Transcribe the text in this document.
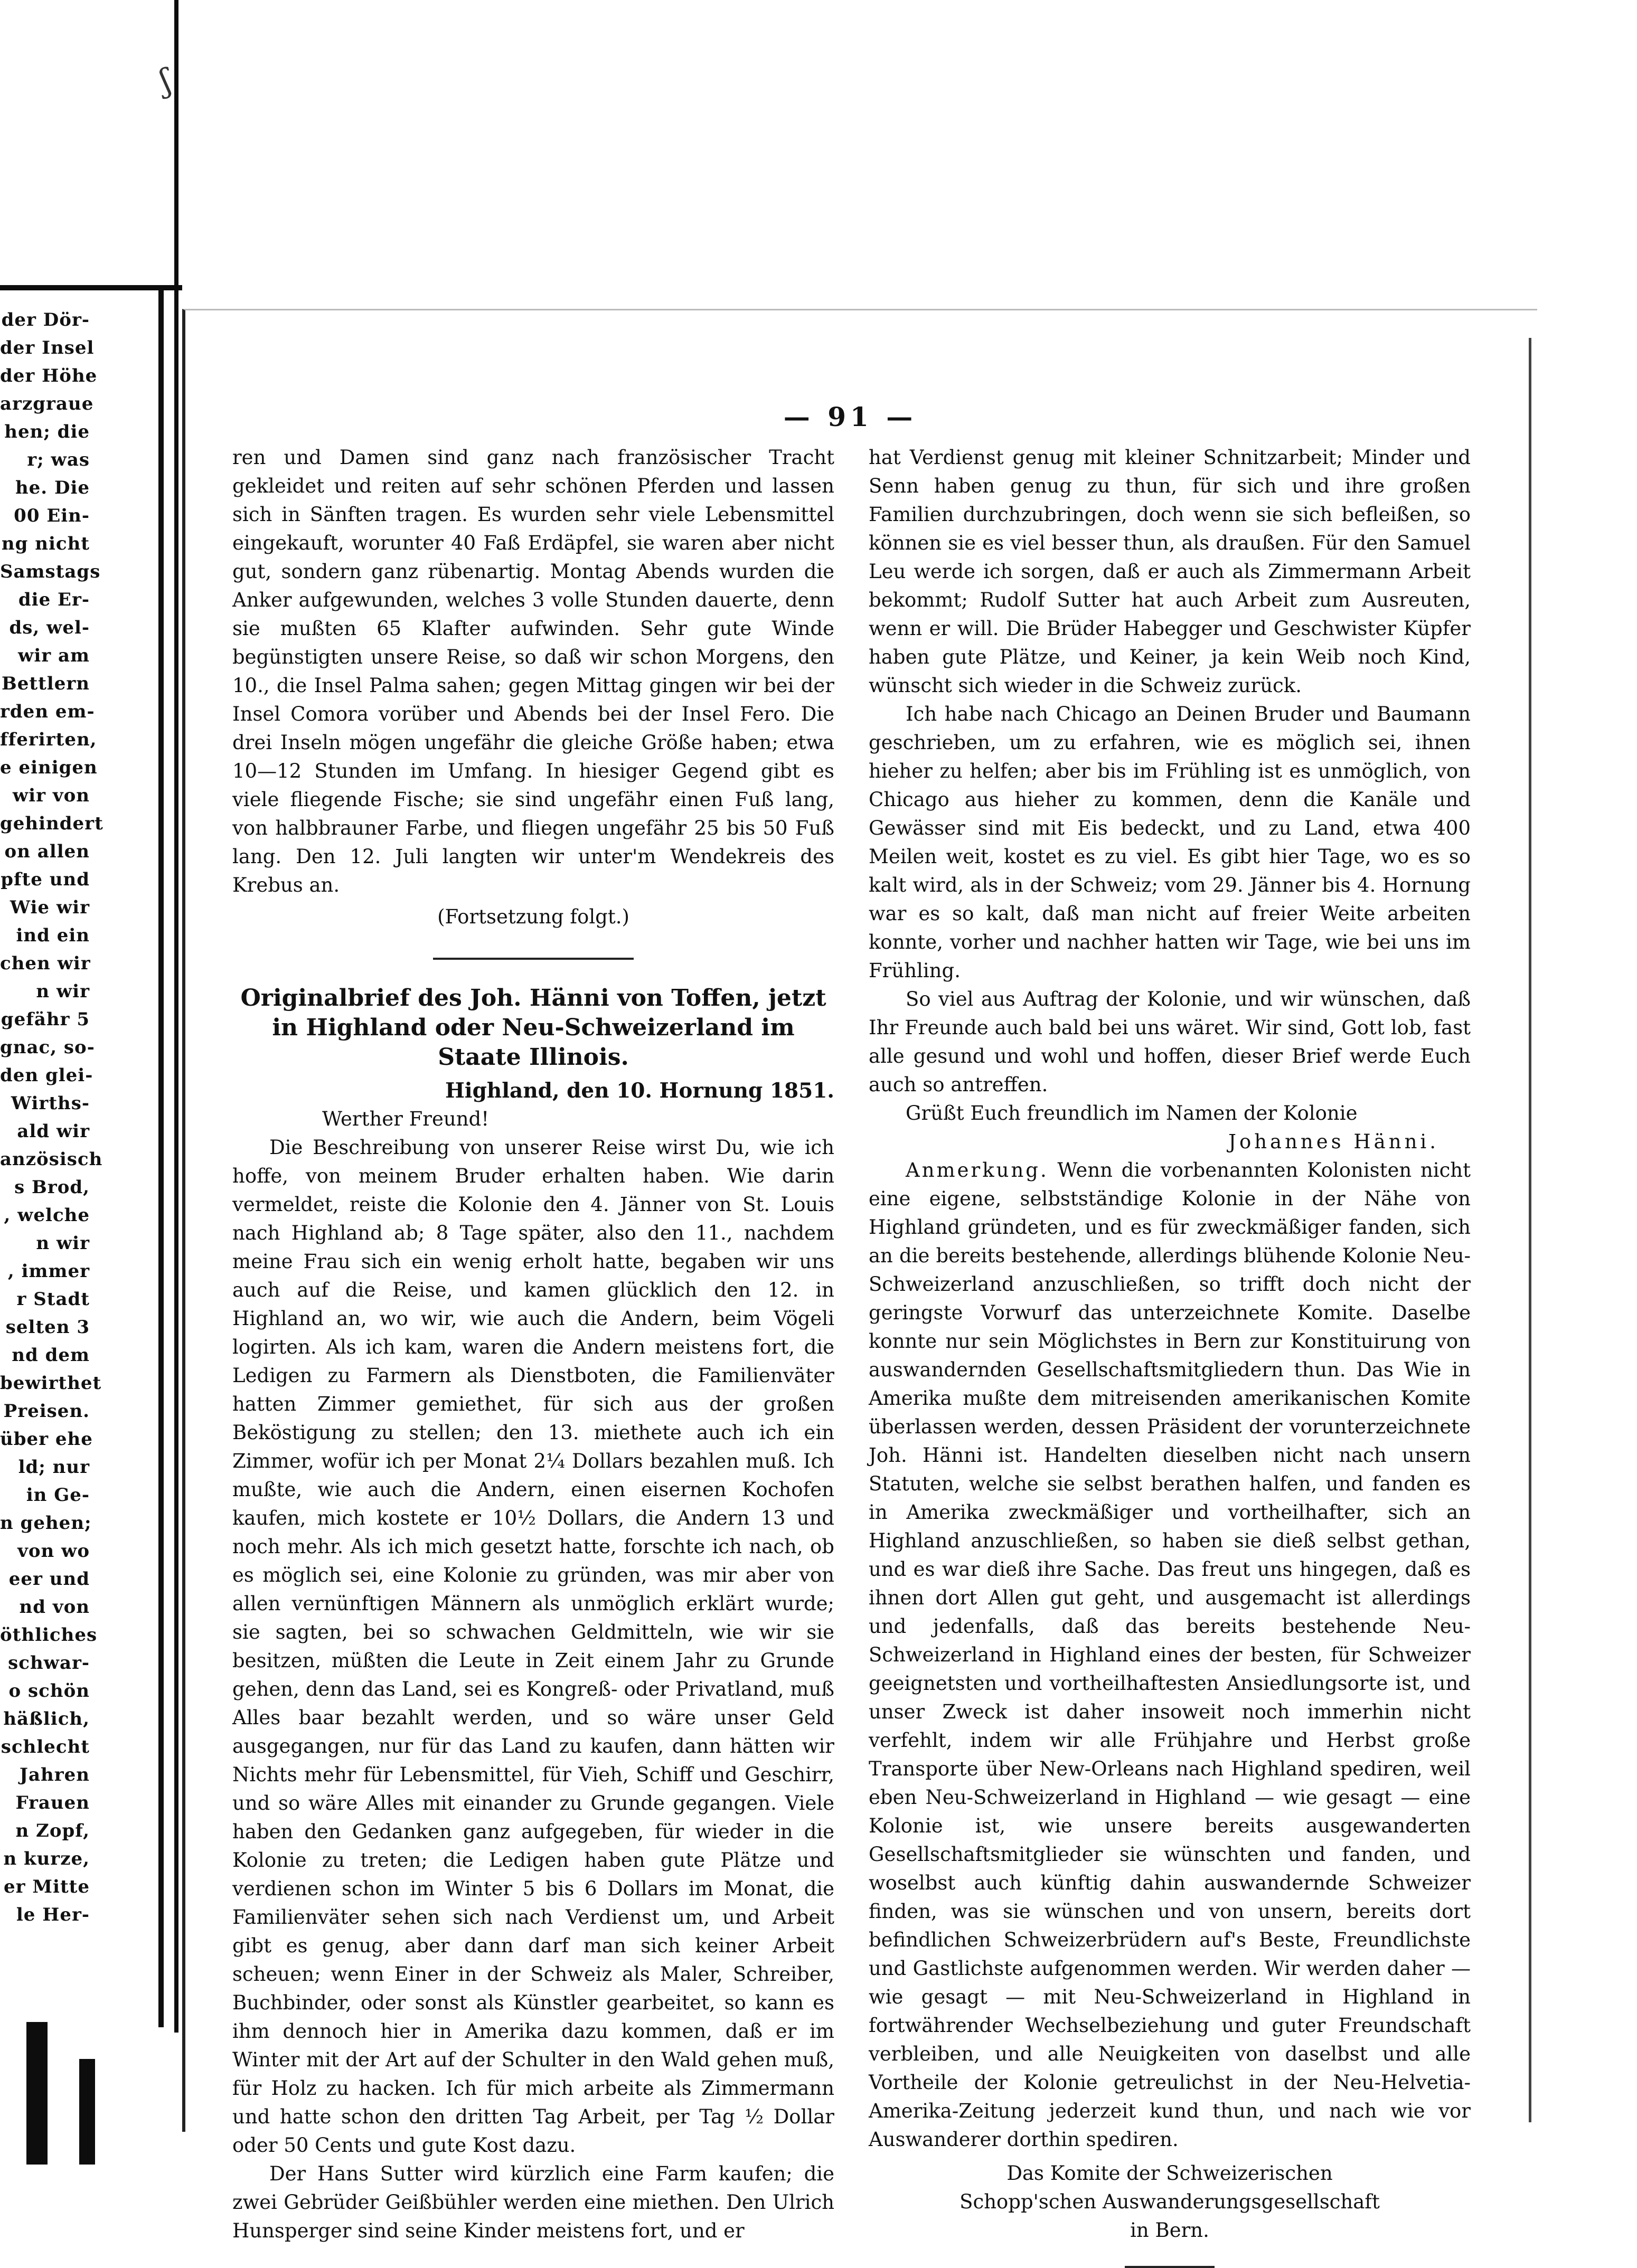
ʃ

der Dör-

der Insel

der Höhe

arzgraue

hen; die

r; was

he. Die

00 Ein-

ng nicht

Samstags

die Er-

ds, wel-

wir am

Bettlern

rden em-

fferirten,

e einigen

wir von

gehindert

on allen

pfte und

Wie wir

ind ein

chen wir

n wir

gefähr 5

gnac, so-

den glei-

Wirths-

ald wir

anzösisch

s Brod,

, welche

n wir

, immer

r Stadt

selten 3

nd dem

bewirthet

Preisen.

über ehe

ld; nur

in Ge-

n gehen;

von wo

eer und

nd von

öthliches

schwar-

o schön

häßlich,

schlecht

Jahren

Frauen

n Zopf,

n kurze,

er Mitte

le Her-

— 91 —

ren und Damen sind ganz nach französischer Tracht gekleidet und reiten auf sehr schönen Pferden und lassen sich in Sänften tragen. Es wurden sehr viele Lebensmittel eingekauft, worunter 40 Faß Erdäpfel, sie waren aber nicht gut, sondern ganz rübenartig. Montag Abends wurden die Anker aufgewunden, welches 3 volle Stunden dauerte, denn sie mußten 65 Klafter aufwinden. Sehr gute Winde begünstigten unsere Reise, so daß wir schon Morgens, den 10., die Insel Palma sahen; gegen Mittag gingen wir bei der Insel Comora vorüber und Abends bei der Insel Fero. Die drei Inseln mögen ungefähr die gleiche Größe haben; etwa 10—12 Stunden im Umfang. In hiesiger Gegend gibt es viele fliegende Fische; sie sind ungefähr einen Fuß lang, von halbbrauner Farbe, und fliegen ungefähr 25 bis 50 Fuß lang. Den 12. Juli langten wir unter'm Wendekreis des Krebus an.

(Fortsetzung folgt.)

Originalbrief des Joh. Hänni von Toffen, jetzt in Highland oder Neu-Schweizerland im Staate Illinois.

Highland, den 10. Hornung 1851.

Werther Freund!

Die Beschreibung von unserer Reise wirst Du, wie ich hoffe, von meinem Bruder erhalten haben. Wie darin vermeldet, reiste die Kolonie den 4. Jänner von St. Louis nach Highland ab; 8 Tage später, also den 11., nachdem meine Frau sich ein wenig erholt hatte, begaben wir uns auch auf die Reise, und kamen glücklich den 12. in Highland an, wo wir, wie auch die Andern, beim Vögeli logirten. Als ich kam, waren die Andern meistens fort, die Ledigen zu Farmern als Dienstboten, die Familienväter hatten Zimmer gemiethet, für sich aus der großen Beköstigung zu stellen; den 13. miethete auch ich ein Zimmer, wofür ich per Monat 2¼ Dollars bezahlen muß. Ich mußte, wie auch die Andern, einen eisernen Kochofen kaufen, mich kostete er 10½ Dollars, die Andern 13 und noch mehr. Als ich mich gesetzt hatte, forschte ich nach, ob es möglich sei, eine Kolonie zu gründen, was mir aber von allen vernünftigen Männern als unmöglich erklärt wurde; sie sagten, bei so schwachen Geldmitteln, wie wir sie besitzen, müßten die Leute in Zeit einem Jahr zu Grunde gehen, denn das Land, sei es Kongreß- oder Privatland, muß Alles baar bezahlt werden, und so wäre unser Geld ausgegangen, nur für das Land zu kaufen, dann hätten wir Nichts mehr für Lebensmittel, für Vieh, Schiff und Geschirr, und so wäre Alles mit einander zu Grunde gegangen. Viele haben den Gedanken ganz aufgegeben, für wieder in die Kolonie zu treten; die Ledigen haben gute Plätze und verdienen schon im Winter 5 bis 6 Dollars im Monat, die Familienväter sehen sich nach Verdienst um, und Arbeit gibt es genug, aber dann darf man sich keiner Arbeit scheuen; wenn Einer in der Schweiz als Maler, Schreiber, Buchbinder, oder sonst als Künstler gearbeitet, so kann es ihm dennoch hier in Amerika dazu kommen, daß er im Winter mit der Art auf der Schulter in den Wald gehen muß, für Holz zu hacken. Ich für mich arbeite als Zimmermann und hatte schon den dritten Tag Arbeit, per Tag ½ Dollar oder 50 Cents und gute Kost dazu.

Der Hans Sutter wird kürzlich eine Farm kaufen; die zwei Gebrüder Geißbühler werden eine miethen. Den Ulrich Hunsperger sind seine Kinder meistens fort, und er

hat Verdienst genug mit kleiner Schnitzarbeit; Minder und Senn haben genug zu thun, für sich und ihre großen Familien durchzubringen, doch wenn sie sich befleißen, so können sie es viel besser thun, als draußen. Für den Samuel Leu werde ich sorgen, daß er auch als Zimmermann Arbeit bekommt; Rudolf Sutter hat auch Arbeit zum Ausreuten, wenn er will. Die Brüder Habegger und Geschwister Küpfer haben gute Plätze, und Keiner, ja kein Weib noch Kind, wünscht sich wieder in die Schweiz zurück.

Ich habe nach Chicago an Deinen Bruder und Baumann geschrieben, um zu erfahren, wie es möglich sei, ihnen hieher zu helfen; aber bis im Frühling ist es unmöglich, von Chicago aus hieher zu kommen, denn die Kanäle und Gewässer sind mit Eis bedeckt, und zu Land, etwa 400 Meilen weit, kostet es zu viel. Es gibt hier Tage, wo es so kalt wird, als in der Schweiz; vom 29. Jänner bis 4. Hornung war es so kalt, daß man nicht auf freier Weite arbeiten konnte, vorher und nachher hatten wir Tage, wie bei uns im Frühling.

So viel aus Auftrag der Kolonie, und wir wünschen, daß Ihr Freunde auch bald bei uns wäret. Wir sind, Gott lob, fast alle gesund und wohl und hoffen, dieser Brief werde Euch auch so antreffen.

Grüßt Euch freundlich im Namen der Kolonie

Johannes Hänni.

Anmerkung. Wenn die vorbenannten Kolonisten nicht eine eigene, selbstständige Kolonie in der Nähe von Highland gründeten, und es für zweckmäßiger fanden, sich an die bereits bestehende, allerdings blühende Kolonie Neu-Schweizerland anzuschließen, so trifft doch nicht der geringste Vorwurf das unterzeichnete Komite. Daselbe konnte nur sein Möglichstes in Bern zur Konstituirung von auswandernden Gesellschaftsmitgliedern thun. Das Wie in Amerika mußte dem mitreisenden amerikanischen Komite überlassen werden, dessen Präsident der vorunterzeichnete Joh. Hänni ist. Handelten dieselben nicht nach unsern Statuten, welche sie selbst berathen halfen, und fanden es in Amerika zweckmäßiger und vortheilhafter, sich an Highland anzuschließen, so haben sie dieß selbst gethan, und es war dieß ihre Sache. Das freut uns hingegen, daß es ihnen dort Allen gut geht, und ausgemacht ist allerdings und jedenfalls, daß das bereits bestehende Neu-Schweizerland in Highland eines der besten, für Schweizer geeignetsten und vortheilhaftesten Ansiedlungsorte ist, und unser Zweck ist daher insoweit noch immerhin nicht verfehlt, indem wir alle Frühjahre und Herbst große Transporte über New-Orleans nach Highland spediren, weil eben Neu-Schweizerland in Highland — wie gesagt — eine Kolonie ist, wie unsere bereits ausgewanderten Gesellschaftsmitglieder sie wünschten und fanden, und woselbst auch künftig dahin auswandernde Schweizer finden, was sie wünschen und von unsern, bereits dort befindlichen Schweizerbrüdern auf's Beste, Freundlichste und Gastlichste aufgenommen werden. Wir werden daher — wie gesagt — mit Neu-Schweizerland in Highland in fortwährender Wechselbeziehung und guter Freundschaft verbleiben, und alle Neuigkeiten von daselbst und alle Vortheile der Kolonie getreulichst in der Neu-Helvetia-Amerika-Zeitung jederzeit kund thun, und nach wie vor Auswanderer dorthin spediren.

Das Komite der Schweizerischen

Schopp'schen Auswanderungsgesellschaft

in Bern.
